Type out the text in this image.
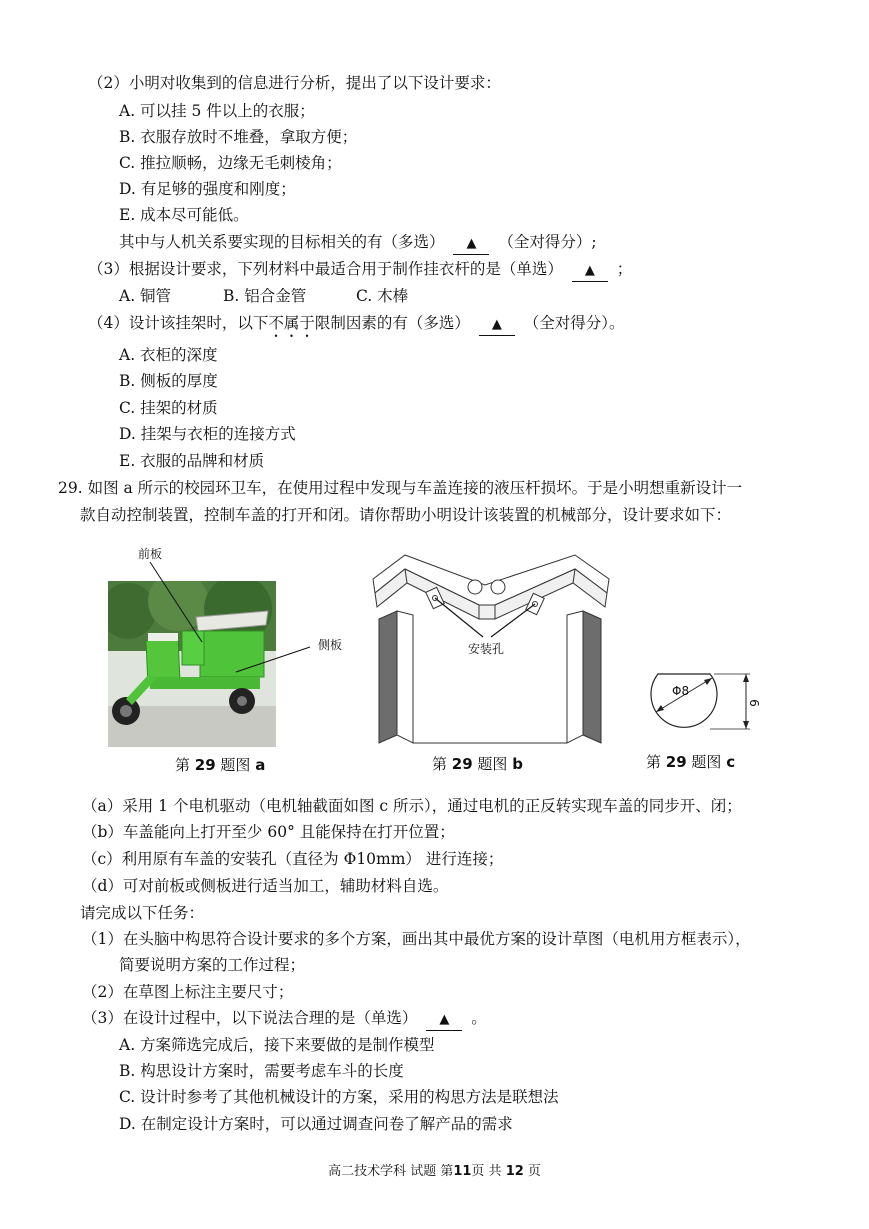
（2）小明对收集到的信息进行分析，提出了以下设计要求：
A. 可以挂 5 件以上的衣服；
B. 衣服存放时不堆叠，拿取方便；
C. 推拉顺畅，边缘无毛刺棱角；
D. 有足够的强度和刚度；
E. 成本尽可能低。
其中与人机关系要实现的目标相关的有（多选） ▲ （全对得分）;
（3）根据设计要求，下列材料中最适合用于制作挂衣杆的是（单选） ▲ ；
A. 铜管	B. 铝合金管	C. 木棒
（4）设计该挂架时，以下不属于限制因素的有（多选） ▲ （全对得分）。
A. 衣柜的深度
B. 侧板的厚度
C. 挂架的材质
D. 挂架与衣柜的连接方式
E. 衣服的品牌和材质
29. 如图 a 所示的校园环卫车，在使用过程中发现与车盖连接的液压杆损坏。于是小明想重新设计一
款自动控制装置，控制车盖的打开和闭。请你帮助小明设计该装置的机械部分，设计要求如下：
前板
侧板
第 29 题图 a
安装孔
第 29 题图 b
Φ8
6
第 29 题图 c
（a）采用 1 个电机驱动（电机轴截面如图 c 所示），通过电机的正反转实现车盖的同步开、闭；
（b）车盖能向上打开至少 60° 且能保持在打开位置；
（c）利用原有车盖的安装孔（直径为 Φ10mm） 进行连接；
（d）可对前板或侧板进行适当加工，辅助材料自选。
请完成以下任务：
（1）在头脑中构思符合设计要求的多个方案，画出其中最优方案的设计草图（电机用方框表示），
简要说明方案的工作过程；
（2）在草图上标注主要尺寸；
（3）在设计过程中，以下说法合理的是（单选） ▲ 。
A. 方案筛选完成后，接下来要做的是制作模型
B. 构思设计方案时，需要考虑车斗的长度
C. 设计时参考了其他机械设计的方案，采用的构思方法是联想法
D. 在制定设计方案时，可以通过调查问卷了解产品的需求
高二技术学科 试题 第11页 共 12 页
